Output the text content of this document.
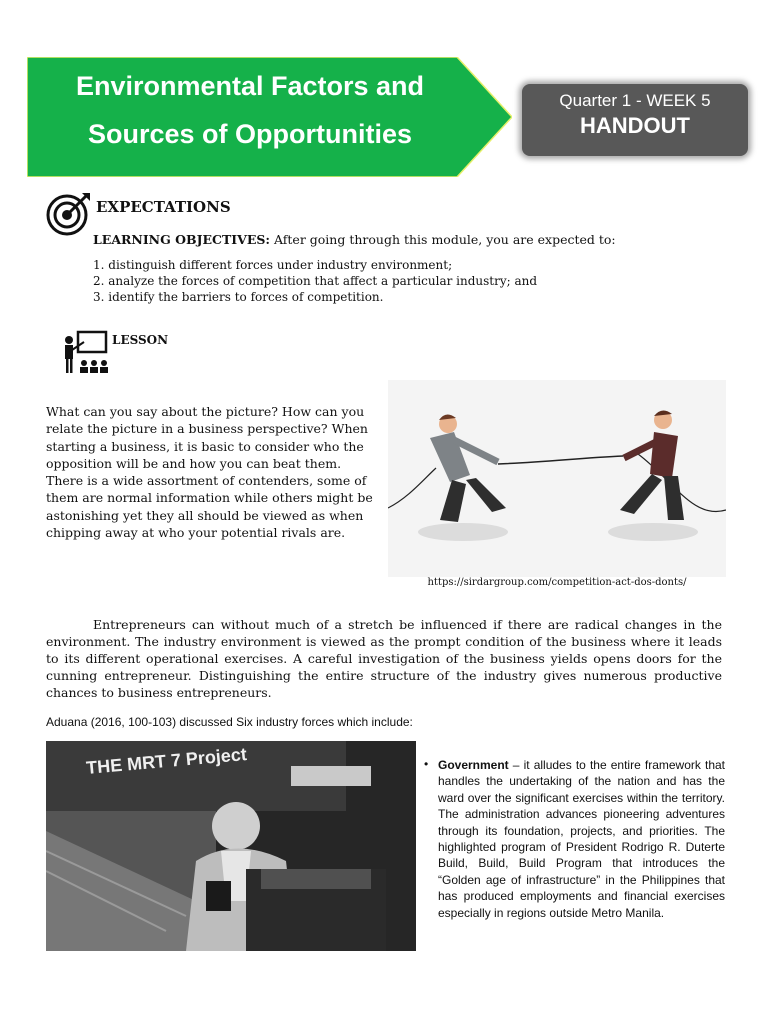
Environmental Factors and
Sources of Opportunities
Quarter 1 - WEEK 5
HANDOUT
EXPECTATIONS
LEARNING OBJECTIVES: After going through this module, you are expected to:
1. distinguish different forces under industry environment;
2. analyze the forces of competition that affect a particular industry; and
3. identify the barriers to forces of competition.
LESSON
What can you say about the picture? How can you relate the picture in a business perspective? When starting a business, it is basic to consider who the opposition will be and how you can beat them. There is a wide assortment of contenders, some of them are normal information while others might be astonishing yet they all should be viewed as when chipping away at who your potential rivals are.
https://sirdargroup.com/competition-act-dos-donts/
Entrepreneurs can without much of a stretch be influenced if there are radical changes in the environment. The industry environment is viewed as the prompt condition of the business where it leads to its different operational exercises. A careful investigation of the business yields opens doors for the cunning entrepreneur. Distinguishing the entire structure of the industry gives numerous productive chances to business entrepreneurs.
Aduana (2016, 100-103) discussed Six industry forces which include:
THE MRT 7 Project	• Government – it alludes to the entire framework that handles the undertaking of the nation and has the ward over the significant exercises within the territory. The administration advances pioneering adventures through its foundation, projects, and priorities. The highlighted program of President Rodrigo R. Duterte Build, Build, Build Program that introduces the “Golden age of infrastructure” in the Philippines that has produced employments and financial exercises especially in regions outside Metro Manila.
